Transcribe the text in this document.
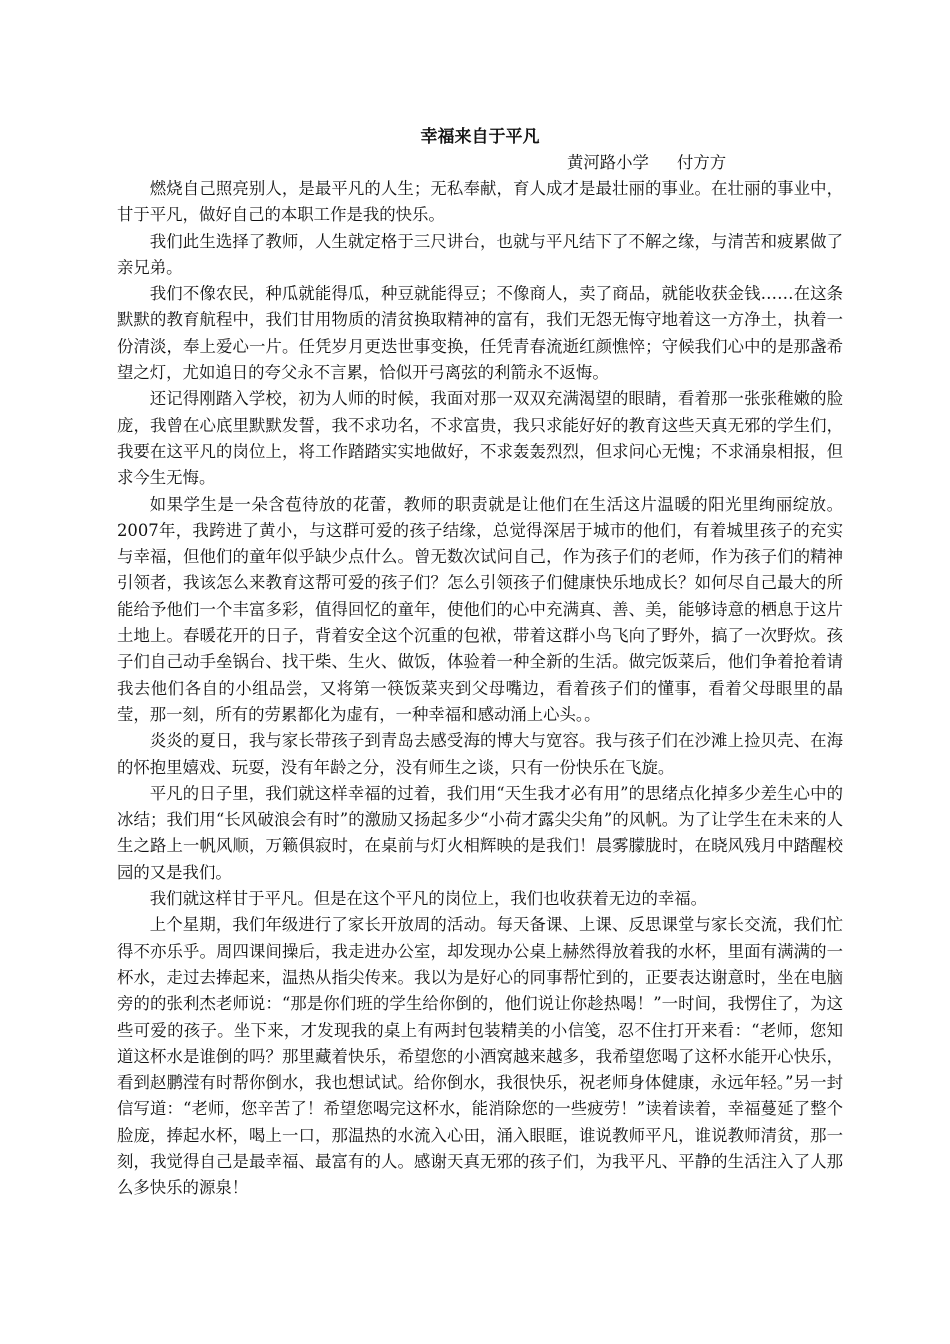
幸福来自于平凡

黄河路小学 付方方

燃烧自己照亮别人，是最平凡的人生；无私奉献，育人成才是最壮丽的事业。在壮丽的事业中，甘于平凡，做好自己的本职工作是我的快乐。

我们此生选择了教师，人生就定格于三尺讲台，也就与平凡结下了不解之缘，与清苦和疲累做了亲兄弟。

我们不像农民，种瓜就能得瓜，种豆就能得豆；不像商人，卖了商品，就能收获金钱……在这条默默的教育航程中，我们甘用物质的清贫换取精神的富有，我们无怨无悔守地着这一方净土，执着一份清淡，奉上爱心一片。任凭岁月更迭世事变换，任凭青春流逝红颜憔悴；守候我们心中的是那盏希望之灯，尤如追日的夸父永不言累，恰似开弓离弦的利箭永不返悔。

还记得刚踏入学校，初为人师的时候，我面对那一双双充满渴望的眼睛，看着那一张张稚嫩的脸庞，我曾在心底里默默发誓，我不求功名，不求富贵，我只求能好好的教育这些天真无邪的学生们，我要在这平凡的岗位上，将工作踏踏实实地做好，不求轰轰烈烈，但求问心无愧；不求涌泉相报，但求今生无悔。

如果学生是一朵含苞待放的花蕾，教师的职责就是让他们在生活这片温暖的阳光里绚丽绽放。2007年，我跨进了黄小，与这群可爱的孩子结缘，总觉得深居于城市的他们，有着城里孩子的充实与幸福，但他们的童年似乎缺少点什么。曾无数次试问自己，作为孩子们的老师，作为孩子们的精神引领者，我该怎么来教育这帮可爱的孩子们？怎么引领孩子们健康快乐地成长？如何尽自己最大的所能给予他们一个丰富多彩，值得回忆的童年，使他们的心中充满真、善、美，能够诗意的栖息于这片土地上。春暖花开的日子，背着安全这个沉重的包袱，带着这群小鸟飞向了野外，搞了一次野炊。孩子们自己动手垒锅台、找干柴、生火、做饭，体验着一种全新的生活。做完饭菜后，他们争着抢着请我去他们各自的小组品尝，又将第一筷饭菜夹到父母嘴边，看着孩子们的懂事，看着父母眼里的晶莹，那一刻，所有的劳累都化为虚有，一种幸福和感动涌上心头。。

炎炎的夏日，我与家长带孩子到青岛去感受海的博大与宽容。我与孩子们在沙滩上捡贝壳、在海的怀抱里嬉戏、玩耍，没有年龄之分，没有师生之谈，只有一份快乐在飞旋。

平凡的日子里，我们就这样幸福的过着，我们用“天生我才必有用”的思绪点化掉多少差生心中的冰结；我们用“长风破浪会有时”的激励又扬起多少“小荷才露尖尖角”的风帆。为了让学生在未来的人生之路上一帆风顺，万籁俱寂时，在桌前与灯火相辉映的是我们！晨雾朦胧时，在晓风残月中踏醒校园的又是我们。

我们就这样甘于平凡。但是在这个平凡的岗位上，我们也收获着无边的幸福。

上个星期，我们年级进行了家长开放周的活动。每天备课、上课、反思课堂与家长交流，我们忙得不亦乐乎。周四课间操后，我走进办公室，却发现办公桌上赫然得放着我的水杯，里面有满满的一杯水，走过去捧起来，温热从指尖传来。我以为是好心的同事帮忙到的，正要表达谢意时，坐在电脑旁的的张利杰老师说：“那是你们班的学生给你倒的，他们说让你趁热喝！”一时间，我愣住了，为这些可爱的孩子。坐下来，才发现我的桌上有两封包装精美的小信笺，忍不住打开来看：“老师，您知道这杯水是谁倒的吗？那里藏着快乐，希望您的小酒窝越来越多，我希望您喝了这杯水能开心快乐，看到赵鹏滢有时帮你倒水，我也想试试。给你倒水，我很快乐，祝老师身体健康，永远年轻。”另一封信写道：“老师，您辛苦了！希望您喝完这杯水，能消除您的一些疲劳！”读着读着，幸福蔓延了整个脸庞，捧起水杯，喝上一口，那温热的水流入心田，涌入眼眶，谁说教师平凡，谁说教师清贫，那一刻，我觉得自己是最幸福、最富有的人。感谢天真无邪的孩子们，为我平凡、平静的生活注入了人那么多快乐的源泉！
